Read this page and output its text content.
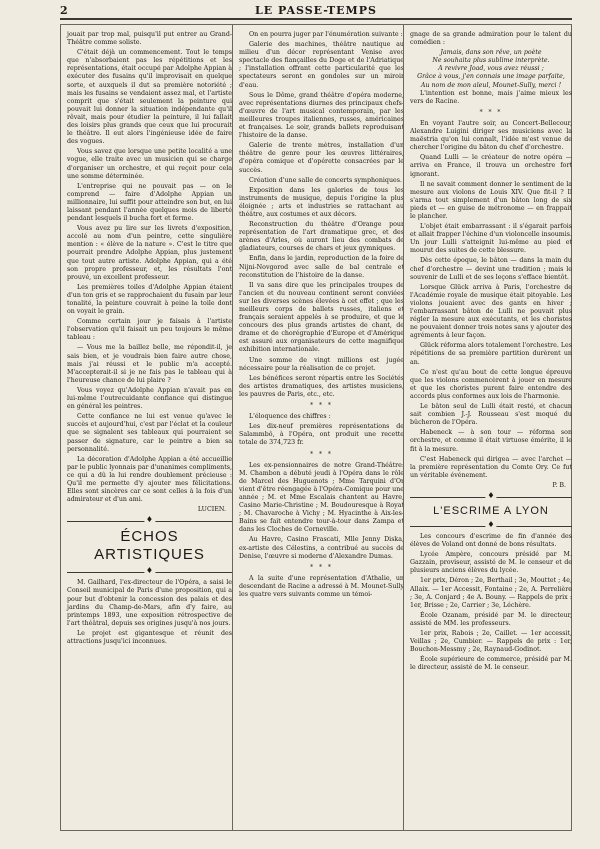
2	LE PASSE-TEMPS

jouait par trop mal, puisqu'il put entrer au Grand-Théâtre comme soliste.

C'était déjà un commencement. Tout le temps que n'absorbaient pas les répétitions et les représentations, était occupé par Adolphe Appian à exécuter des fusains qu'il improvisait en quelque sorte, et auxquels il dut sa première notoriété ; mais les fusains se vendaient assez mal, et l'artiste comprit que s'était seulement la peinture qui pouvait lui donner la situation indépendante qu'il rêvait, mais pour étudier la peinture, il lui fallait des loisirs plus grands que ceux que lui procurait le théâtre. Il eut alors l'ingénieuse idée de faire des vogues.

Vous savez que lorsque une petite localité a une vogue, elle traite avec un musicien qui se charge d'organiser un orchestre, et qui reçoit pour cela une somme déterminée.

L'entreprise qui ne pouvait pas — on le comprend — faire d'Adolphe Appian un millionnaire, lui suffit pour atteindre son but, en lui laissant pendant l'année quelques mois de liberté pendant lesquels il bucha fort et ferme.

Vous avez pu lire sur les livrets d'exposition, accolé au nom d'un peintre, cette singulière mention : « élève de la nature ». C'est le titre que pourrait prendre Adolphe Appian, plus justement que tout autre artiste. Adolphe Appian, qui a été son propre professeur, et, les résultats l'ont prouvé, un excellent professeur.

Les premières toiles d'Adolphe Appian étaient d'un ton gris et se rapprochaient du fusain par leur tonalité, la peinture couvrait à peine la toile dont on voyait le grain.

Comme certain jour je faisais à l'artiste l'observation qu'il faisait un peu toujours le même tableau :

— Vous me la baillez belle, me répondit-il, je sais bien, et je voudrais bien faire autre chose, mais j'ai réussi et le public m'a accepté. M'accepterait-il si je ne fais pas le tableau qui à l'heureuse chance de lui plaire ?

Vous voyez qu'Adolphe Appian n'avait pas en lui-même l'outrecuidante confiance qui distingue en général les peintres.

Cette confiance ne lui est venue qu'avec le succès et aujourd'hui, c'est par l'éclat et la couleur que se signalent ses tableaux qui pourraient se passer de signature, car le peintre a bien sa personnalité.

La décoration d'Adolphe Appian a été accueillie par le public lyonnais par d'unanimes compliments, ce qui a dû la lui rendre doublement précieuse : Qu'il me permette d'y ajouter mes félicitations. Elles sont sincères car ce sont celles à la fois d'un admirateur et d'un ami.

LUCIEN.

♦
ÉCHOS ARTISTIQUES
♦

M. Gailhard, l'ex-directeur de l'Opéra, a saisi le Conseil municipal de Paris d'une proposition, qui a pour but d'obtenir la concession des palais et des jardins du Champ-de-Mars, afin d'y faire, au printemps 1893, une exposition rétrospective de l'art théâtral, depuis ses origines jusqu'à nos jours.

Le projet est gigantesque et réunit des attractions jusqu'ici inconnues.

On en pourra juger par l'énumération suivante :

Galerie des machines, théâtre nautique au milieu d'un décor représentant Venise avec spectacle des fiançailles du Doge et de l'Adriatique ; l'installation offrant cette particularité que les spectateurs seront en gondoles sur un miroir d'eau.

Sous le Dôme, grand théâtre d'opéra moderne, avec représentations diurnes des principaux chefs-d'œuvre de l'art musical contemporain, par les meilleures troupes italiennes, russes, américaines et françaises. Le soir, grands ballets reproduisant l'histoire de la danse.

Galerie de trente mètres, installation d'un théâtre de genre pour les œuvres littéraires, d'opéra comique et d'opérette consacrées par le succès.

Création d'une salle de concerts symphoniques.

Exposition dans les galeries de tous les instruments de musique, depuis l'origine la plus éloignée ; arts et industries se rattachant au théâtre, aux costumes et aux décors.

Reconstruction du théâtre d'Orange pour représentation de l'art dramatique grec, et des arènes d'Arles, où auront lieu des combats de gladiateurs, courses de chars et jeux gymniques.

Enfin, dans le jardin, reproduction de la foire de Nijni-Novgorod avec salle de bal centrale et reconstitution de l'histoire de la danse.

Il va sans dire que les principales troupes de l'ancien et du nouveau continent seront conviées sur les diverses scènes élevées à cet effet ; que les meilleurs corps de ballets russes, italiens et français seraient appelés à se produire, et que le concours des plus grands artistes de chant, de drame et de chorégraphie d'Europe et d'Amérique est assuré aux organisateurs de cette magnifique exhibition internationale.

Une somme de vingt millions est jugée nécessaire pour la réalisation de ce projet.

Les bénéfices seront répartis entre les Sociétés des artistes dramatiques, des artistes musiciens, les pauvres de Paris, etc., etc.

* * *

L'éloquence des chiffres :

Les dix-neuf premières représentations de Salammbô, à l'Opéra, ont produit une recette totale de 374,723 fr.

* * *

Les ex-pensionnaires de notre Grand-Théâtre: M. Chambon a débuté jeudi à l'Opéra dans le rôle de Marcel des Huguenots ; Mme Tarquini d'Or vient d'être réengagée à l'Opéra-Comique pour une année ; M. et Mme Escalais chantent au Havre, Casino Marie-Christine ; M. Boudouresque à Royat ; M. Chavaroche à Vichy ; M. Hyacinthe à Aix-les-Bains se fait entendre tour-à-tour dans Zampa et dans les Cloches de Corneville.

Au Havre, Casino Frascati, Mlle Jenny Diska, ex-artiste des Célestins, a contribué au succès de Denise, l'œuvre si moderne d'Alexandre Dumas.

* * *

A la suite d'une représentation d'Athalie, un descendant de Racine a adressé à M. Mounet-Sully les quatre vers suivants comme un témoi-

gnage de sa grande admiration pour le talent du comédien :

Jamais, dans son rêve, un poète

Ne souhaita plus sublime interprète.

A revivre Joad, vous avez réussi ;

Grâce à vous, j'en connais une image parfaite,

Au nom de mon aïeul, Mounet-Sully, merci !

L'intention est bonne, mais j'aime mieux les vers de Racine.

* * *

En voyant l'autre soir, au Concert-Bellecour, Alexandre Luigini diriger ses musiciens avec la maëstria qu'on lui connaît, l'idée m'est venue de chercher l'origine du bâton du chef d'orchestre.

Quand Lulli — le créateur de notre opéra — arriva en France, il trouva un orchestre fort ignorant.

Il ne savait comment donner le sentiment de la mesure aux violons de Louis XIV. Que fit-il ? Il s'arma tout simplement d'un bâton long de six pieds et — en guise de métronome — en frappait le plancher.

L'objet était embarrassant : il s'égarait parfois et allait frapper l'échine d'un violoncelle insoumis. Un jour Lulli s'atteignit lui-même au pied et mourut des suites de cette blessure.

Dès cette époque, le bâton — dans la main du chef d'orchestre — devint une tradition ; mais le souvenir de Lulli et de ses leçons s'efface bientôt.

Lorsque Glück arriva à Paris, l'orchestre de l'Académie royale de musique était pitoyable. Les violons jouaient avec des gants en hiver ; l'embarrassant bâton de Lulli ne pouvait plus régler la mesure aux exécutants, et les choristes ne pouvaient donner trois notes sans y ajouter des agréments à leur façon.

Glück réforma alors totalement l'orchestre. Les répétitions de sa première partition durèrent un an.

Ce n'est qu'au bout de cette longue épreuve que les violons commencèrent à jouer en mesure et que les choristes purent faire entendre des accords plus conformes aux lois de l'harmonie.

Le bâton seul de Lulli était resté, et chacun sait combien J.-J. Rousseau s'est moqué du bûcheron de l'Opéra.

Habeneck — à son tour — réforma son orchestre, et comme il était virtuose émérite, il le fit à la mesure.

C'est Habeneck qui dirigea — avec l'archet — la première représentation du Comte Ory. Ce fut un véritable événement.

P. B.

♦
L'ESCRIME A LYON
♦

Les concours d'escrime de fin d'année des élèves de Voland ont donné de bons résultats.

Lycée Ampère, concours présidé par M. Gazzain, proviseur, assisté de M. le censeur et de plusieurs anciens élèves du lycée.

1er prix, Déron ; 2e, Berthail ; 3e, Mouttet ; 4e, Allaix. — 1er Accessit, Fontaine ; 2e, A. Perrelière ; 3e, A. Conjard ; 4e A. Bouny. — Rappels de prix : 1er, Brisse ; 2e, Carrier ; 3e, Léchère.

École Ozanam, présidé par M. le directeur, assisté de MM. les professeurs.

1er prix, Rabois ; 2e, Caillet. — 1er accessit, Veillas ; 2e, Cumbier. — Rappels de prix : 1er, Bouchon-Messmy ; 2e, Raynaud-Godinot.

École supérieure de commerce, présidé par M. le directeur, assisté de M. le censeur.
